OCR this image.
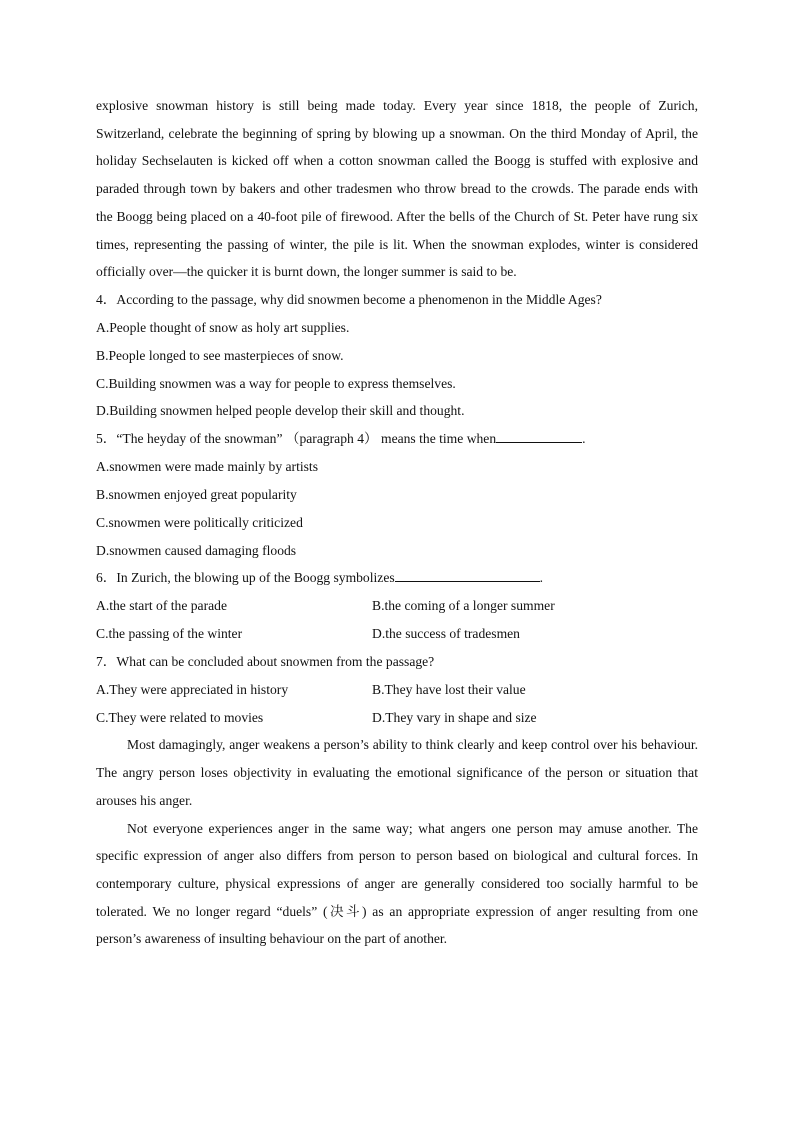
explosive snowman history is still being made today. Every year since 1818, the people of Zurich, Switzerland, celebrate the beginning of spring by blowing up a snowman. On the third Monday of April, the holiday Sechselauten is kicked off when a cotton snowman called the Boogg is stuffed with explosive and paraded through town by bakers and other tradesmen who throw bread to the crowds. The parade ends with the Boogg being placed on a 40-foot pile of firewood. After the bells of the Church of St. Peter have rung six times, representing the passing of winter, the pile is lit. When the snowman explodes, winter is considered officially over—the quicker it is burnt down, the longer summer is said to be.

4．According to the passage, why did snowmen become a phenomenon in the Middle Ages?

A.People thought of snow as holy art supplies.

B.People longed to see masterpieces of snow.

C.Building snowmen was a way for people to express themselves.

D.Building snowmen helped people develop their skill and thought.

5．“The heyday of the snowman” （paragraph 4） means the time when	.

A.snowmen were made mainly by artists

B.snowmen enjoyed great popularity

C.snowmen were politically criticized

D.snowmen caused damaging floods

6．In Zurich, the blowing up of the Boogg symbolizes	.

A.the start of the parade	B.the coming of a longer summer
C.the passing of the winter	D.the success of tradesmen

7．What can be concluded about snowmen from the passage?

A.They were appreciated in history	B.They have lost their value
C.They were related to movies	D.They vary in shape and size

Most damagingly, anger weakens a person’s ability to think clearly and keep control over his behaviour. The angry person loses objectivity in evaluating the emotional significance of the person or situation that arouses his anger.

Not everyone experiences anger in the same way; what angers one person may amuse another. The specific expression of anger also differs from person to person based on biological and cultural forces. In contemporary culture, physical expressions of anger are generally considered too socially harmful to be tolerated. We no longer regard “duels” (决斗) as an appropriate expression of anger resulting from one person’s awareness of insulting behaviour on the part of another.
